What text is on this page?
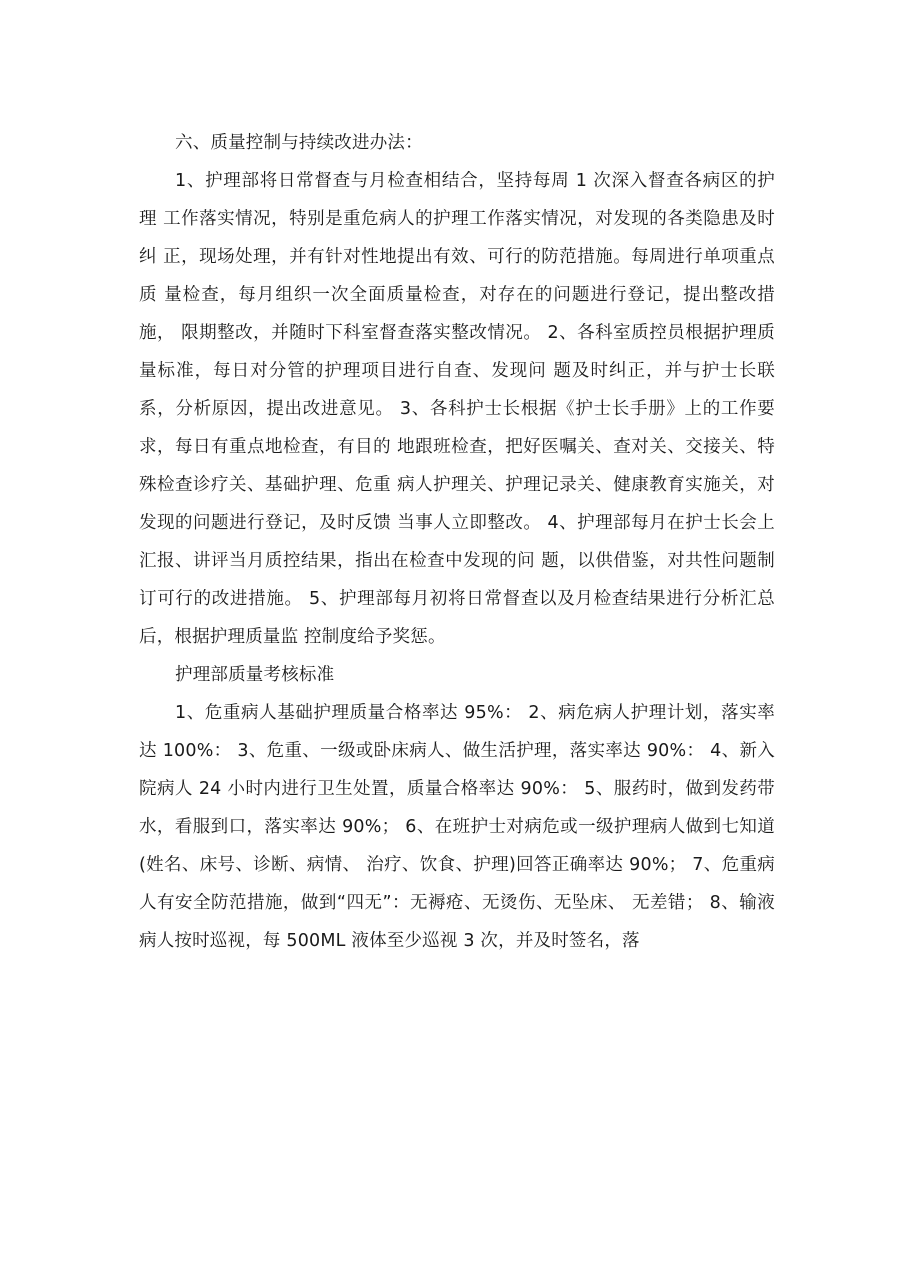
六、质量控制与持续改进办法：

1、护理部将日常督查与月检查相结合，坚持每周 1 次深入督查各病区的护理 工作落实情况，特别是重危病人的护理工作落实情况，对发现的各类隐患及时纠 正，现场处理，并有针对性地提出有效、可行的防范措施。每周进行单项重点质 量检查，每月组织一次全面质量检查，对存在的问题进行登记，提出整改措施， 限期整改，并随时下科室督查落实整改情况。 2、各科室质控员根据护理质量标准，每日对分管的护理项目进行自查、发现问 题及时纠正，并与护士长联系，分析原因，提出改进意见。 3、各科护士长根据《护士长手册》上的工作要求，每日有重点地检查，有目的 地跟班检查，把好医嘱关、查对关、交接关、特殊检查诊疗关、基础护理、危重 病人护理关、护理记录关、健康教育实施关，对发现的问题进行登记，及时反馈 当事人立即整改。 4、护理部每月在护士长会上汇报、讲评当月质控结果，指出在检查中发现的问 题，以供借鉴，对共性问题制订可行的改进措施。 5、护理部每月初将日常督查以及月检查结果进行分析汇总后，根据护理质量监 控制度给予奖惩。

护理部质量考核标准

1、危重病人基础护理质量合格率达 95%： 2、病危病人护理计划，落实率达 100%： 3、危重、一级或卧床病人、做生活护理，落实率达 90%： 4、新入院病人 24 小时内进行卫生处置，质量合格率达 90%： 5、服药时，做到发药带水，看服到口，落实率达 90%； 6、在班护士对病危或一级护理病人做到七知道(姓名、床号、诊断、病情、 治疗、饮食、护理)回答正确率达 90%； 7、危重病人有安全防范措施，做到“四无”：无褥疮、无烫伤、无坠床、 无差错； 8、输液病人按时巡视，每 500ML 液体至少巡视 3 次，并及时签名，落
